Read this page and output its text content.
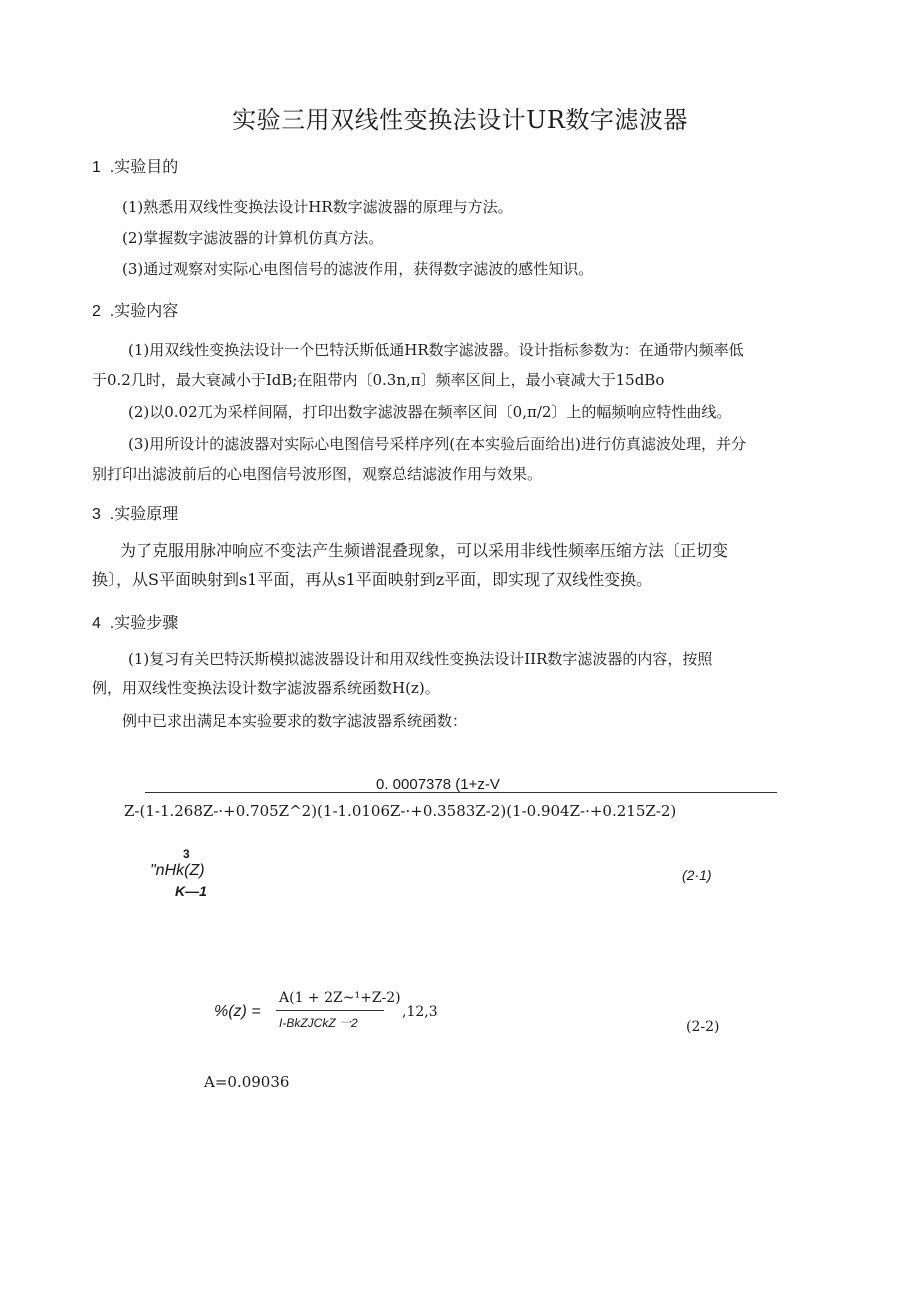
实验三用双线性变换法设计UR数字滤波器
1  .实验目的
(1)熟悉用双线性变换法设计HR数字滤波器的原理与方法。
(2)掌握数字滤波器的计算机仿真方法。
(3)通过观察对实际心电图信号的滤波作用，获得数字滤波的感性知识。
2  .实验内容
(1)用双线性变换法设计一个巴特沃斯低通HR数字滤波器。设计指标参数为：在通带内频率低
于0.2几时，最大衰减小于IdB;在阻带内〔0.3n,π〕频率区间上，最小衰减大于15dBo
(2)以0.02兀为采样间隔，打印出数字滤波器在频率区间〔0,π/2〕上的幅频响应特性曲线。
(3)用所设计的滤波器对实际心电图信号采样序列(在本实验后面给出)进行仿真滤波处理，并分
别打印出滤波前后的心电图信号波形图，观察总结滤波作用与效果。
3  .实验原理
为了克服用脉冲响应不变法产生频谱混叠现象，可以采用非线性频率压缩方法〔正切变
换〕，从S平面映射到s1平面，再从s1平面映射到z平面，即实现了双线性变换。
4  .实验步骤
(1)复习有关巴特沃斯模拟滤波器设计和用双线性变换法设计IIR数字滤波器的内容，按照
例，用双线性变换法设计数字滤波器系统函数H(z)。
例中已求出满足本实验要求的数字滤波器系统函数：
0. 0007378 (1+z-V
Z-(1-1.268Z-·+0.705Z^2)(1-1.0106Z-·+0.3583Z-2)(1-0.904Z-·+0.215Z-2)
3
"nHk(Z)
K—1
(2·1)
%(z) =
A(1 + 2Z~¹+Z-2)
I-BkZJCkZ 一2
,12,3
(2-2)
A=0.09036
